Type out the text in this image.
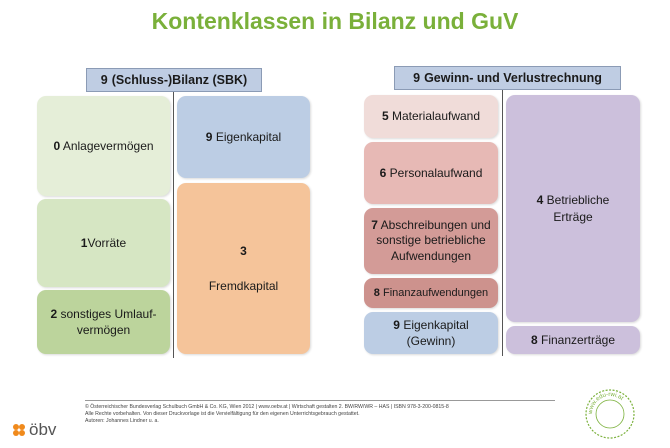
Kontenklassen in Bilanz und GuV
9 (Schluss-)Bilanz (SBK)
0 Anlagevermögen
1Vorräte
2 sonstiges Umlauf-vermögen
9 Eigenkapital
3
Fremdkapital
9 Gewinn- und Verlustrechnung
5 Materialaufwand
6 Personalaufwand
7 Abschreibungen und sonstige betriebliche Aufwendungen
8 Finanzaufwendungen
9 Eigenkapital (Gewinn)
4 Betriebliche Erträge
8 Finanzerträge
öbv
© Österreichischer Bundesverlag Schulbuch GmbH & Co. KG, Wien 2012 | www.oebv.at | Wirtschaft gestalten 2. BW/RW/WR – HAS | ISBN 978-3-200-0815-8
Alle Rechte vorbehalten. Von dieser Druckvorlage ist die Vervielfältigung für den eigenen Unterrichtsgebrauch gestattet.
Autoren: Johannes Lindner u. a.
www.edu-rwi.at
